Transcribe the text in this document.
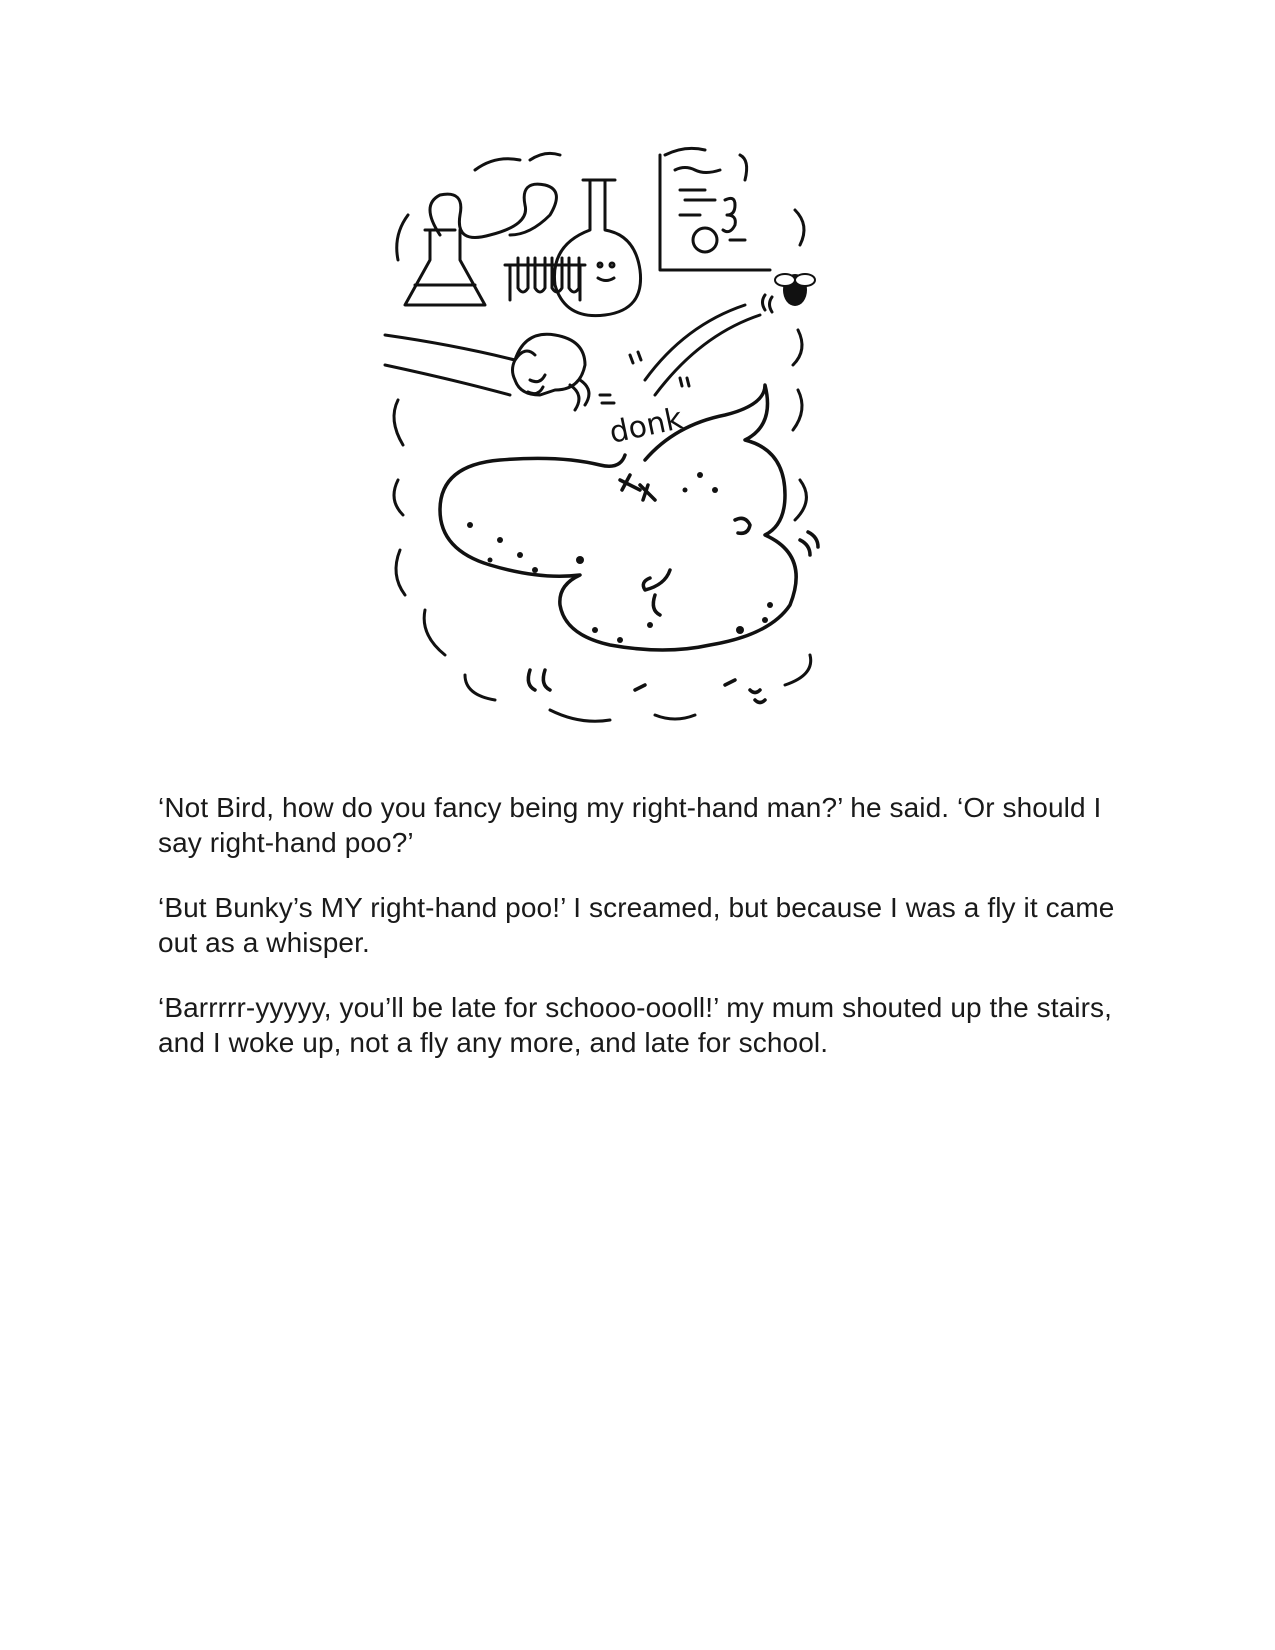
donk

‘Not Bird, how do you fancy being my right-hand man?’ he said. ‘Or should I say right-hand poo?’

‘But Bunky’s MY right-hand poo!’ I screamed, but because I was a fly it came out as a whisper.

‘Barrrrr-yyyyy, you’ll be late for schooo-oooll!’ my mum shouted up the stairs, and I woke up, not a fly any more, and late for school.
